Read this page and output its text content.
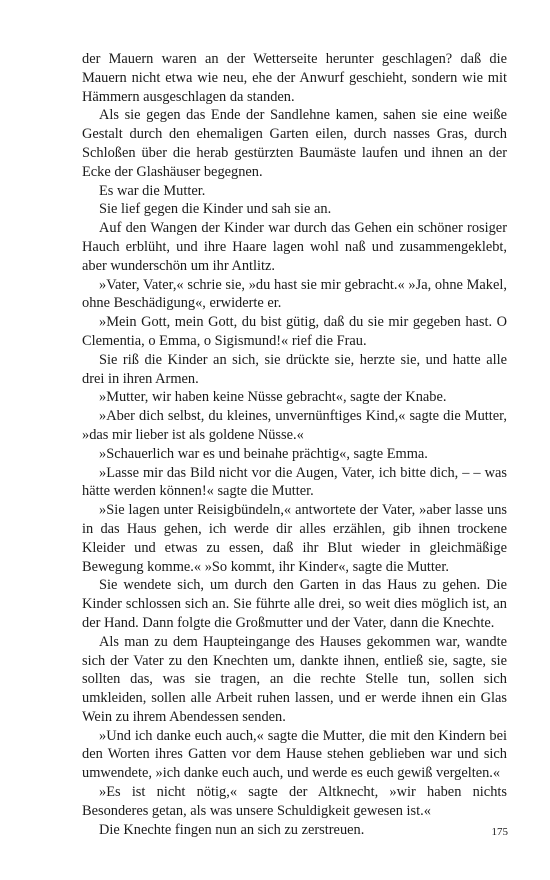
der Mauern waren an der Wetterseite herunter geschlagen? daß die Mauern nicht etwa wie neu, ehe der Anwurf geschieht, sondern wie mit Hämmern ausgeschlagen da standen.

Als sie gegen das Ende der Sandlehne kamen, sahen sie eine weiße Gestalt durch den ehemaligen Garten eilen, durch nasses Gras, durch Schloßen über die herab gestürzten Baumäste laufen und ihnen an der Ecke der Glashäuser begegnen.

Es war die Mutter.

Sie lief gegen die Kinder und sah sie an.

Auf den Wangen der Kinder war durch das Gehen ein schöner rosiger Hauch erblüht, und ihre Haare lagen wohl naß und zusammengeklebt, aber wunderschön um ihr Antlitz.

»Vater, Vater,« schrie sie, »du hast sie mir gebracht.« »Ja, ohne Makel, ohne Beschädigung«, erwiderte er.

»Mein Gott, mein Gott, du bist gütig, daß du sie mir gegeben hast. O Clementia, o Emma, o Sigismund!« rief die Frau.

Sie riß die Kinder an sich, sie drückte sie, herzte sie, und hatte alle drei in ihren Armen.

»Mutter, wir haben keine Nüsse gebracht«, sagte der Knabe.

»Aber dich selbst, du kleines, unvernünftiges Kind,« sagte die Mutter, »das mir lieber ist als goldene Nüsse.«

»Schauerlich war es und beinahe prächtig«, sagte Emma.

»Lasse mir das Bild nicht vor die Augen, Vater, ich bitte dich, – – was hätte werden können!« sagte die Mutter.

»Sie lagen unter Reisigbündeln,« antwortete der Vater, »aber lasse uns in das Haus gehen, ich werde dir alles erzählen, gib ihnen trockene Kleider und etwas zu essen, daß ihr Blut wieder in gleichmäßige Bewegung komme.« »So kommt, ihr Kinder«, sagte die Mutter.

Sie wendete sich, um durch den Garten in das Haus zu gehen. Die Kinder schlossen sich an. Sie führte alle drei, so weit dies möglich ist, an der Hand. Dann folgte die Großmutter und der Vater, dann die Knechte.

Als man zu dem Haupteingange des Hauses gekommen war, wandte sich der Vater zu den Knechten um, dankte ihnen, entließ sie, sagte, sie sollten das, was sie tragen, an die rechte Stelle tun, sollen sich umkleiden, sollen alle Arbeit ruhen lassen, und er werde ihnen ein Glas Wein zu ihrem Abendessen senden.

»Und ich danke euch auch,« sagte die Mutter, die mit den Kindern bei den Worten ihres Gatten vor dem Hause stehen geblieben war und sich umwendete, »ich danke euch auch, und werde es euch gewiß vergelten.«

»Es ist nicht nötig,« sagte der Altknecht, »wir haben nichts Besonderes getan, als was unsere Schuldigkeit gewesen ist.«

Die Knechte fingen nun an sich zu zerstreuen.	175
